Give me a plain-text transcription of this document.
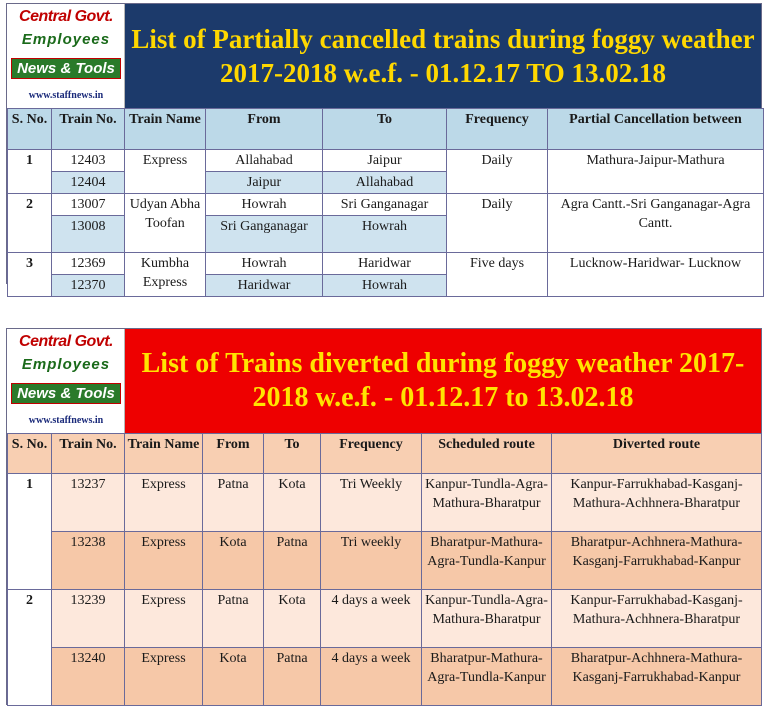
Central Govt.
Employees
News & Tools
www.staffnews.in
List of Partially cancelled trains during foggy weather 2017-2018 w.e.f. - 01.12.17 TO 13.02.18
S. No.	Train No.	Train Name	From	To	Frequency	Partial Cancellation between
1	12403	Express	Allahabad	Jaipur	Daily	Mathura-Jaipur-Mathura
	12404		Jaipur	Allahabad		
2	13007	Udyan Abha Toofan	Howrah	Sri Ganganagar	Daily	Agra Cantt.-Sri Ganganagar-Agra Cantt.
	13008		Sri Ganganagar	Howrah		
3	12369	Kumbha Express	Howrah	Haridwar	Five days	Lucknow-Haridwar- Lucknow
	12370		Haridwar	Howrah		
Central Govt.
Employees
News & Tools
www.staffnews.in
List of Trains diverted during foggy weather 2017-2018 w.e.f. - 01.12.17 to 13.02.18
S. No.	Train No.	Train Name	From	To	Frequency	Scheduled route	Diverted route
1	13237	Express	Patna	Kota	Tri Weekly	Kanpur-Tundla-Agra-Mathura-Bharatpur	Kanpur-Farrukhabad-Kasganj-Mathura-Achhnera-Bharatpur
	13238	Express	Kota	Patna	Tri weekly	Bharatpur-Mathura-Agra-Tundla-Kanpur	Bharatpur-Achhnera-Mathura-Kasganj-Farrukhabad-Kanpur
2	13239	Express	Patna	Kota	4 days a week	Kanpur-Tundla-Agra-Mathura-Bharatpur	Kanpur-Farrukhabad-Kasganj-Mathura-Achhnera-Bharatpur
	13240	Express	Kota	Patna	4 days a week	Bharatpur-Mathura-Agra-Tundla-Kanpur	Bharatpur-Achhnera-Mathura-Kasganj-Farrukhabad-Kanpur
